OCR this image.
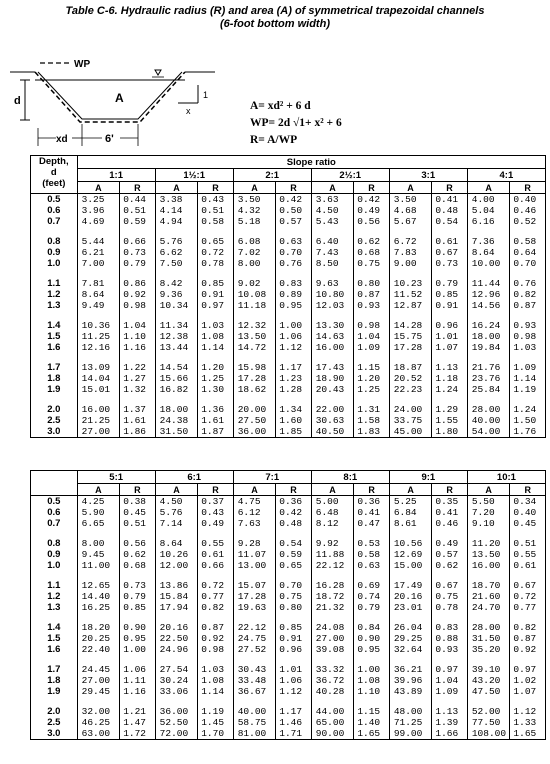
Table C-6. Hydraulic radius (R) and area (A) of symmetrical trapezoidal channels
(6-foot bottom width)
WP
d	A	1
x
xd	6'
A= xd² + 6 d
WP= 2d √1+ x² + 6
R= A/WP
Depth,
d
(feet)	Slope ratio											
	1:1		1½:1		2:1		2½:1		3:1		4:1	
	A	R	A	R	A	R	A	R	A	R	A	R
0.5	3.25	0.44	3.38	0.43	3.50	0.42	3.63	0.42	3.50	0.41	4.00	0.40
0.6	3.96	0.51	4.14	0.51	4.32	0.50	4.50	0.49	4.68	0.48	5.04	0.46
0.7	4.69	0.59	4.94	0.58	5.18	0.57	5.43	0.56	5.67	0.54	6.16	0.52

0.8	5.44	0.66	5.76	0.65	6.08	0.63	6.40	0.62	6.72	0.61	7.36	0.58
0.9	6.21	0.73	6.62	0.72	7.02	0.70	7.43	0.68	7.83	0.67	8.64	0.64
1.0	7.00	0.79	7.50	0.78	8.00	0.76	8.50	0.75	9.00	0.73	10.00	0.70

1.1	7.81	0.86	8.42	0.85	9.02	0.83	9.63	0.80	10.23	0.79	11.44	0.76
1.2	8.64	0.92	9.36	0.91	10.08	0.89	10.80	0.87	11.52	0.85	12.96	0.82
1.3	9.49	0.98	10.34	0.97	11.18	0.95	12.03	0.93	12.87	0.91	14.56	0.87

1.4	10.36	1.04	11.34	1.03	12.32	1.00	13.30	0.98	14.28	0.96	16.24	0.93
1.5	11.25	1.10	12.38	1.08	13.50	1.06	14.63	1.04	15.75	1.01	18.00	0.98
1.6	12.16	1.16	13.44	1.14	14.72	1.12	16.00	1.09	17.28	1.07	19.84	1.03

1.7	13.09	1.22	14.54	1.20	15.98	1.17	17.43	1.15	18.87	1.13	21.76	1.09
1.8	14.04	1.27	15.66	1.25	17.28	1.23	18.90	1.20	20.52	1.18	23.76	1.14
1.9	15.01	1.32	16.82	1.30	18.62	1.28	20.43	1.25	22.23	1.24	25.84	1.19

2.0	16.00	1.37	18.00	1.36	20.00	1.34	22.00	1.31	24.00	1.29	28.00	1.24
2.5	21.25	1.61	24.38	1.61	27.50	1.60	30.63	1.58	33.75	1.55	40.00	1.50
3.0	27.00	1.86	31.50	1.87	36.00	1.85	40.50	1.83	45.00	1.80	54.00	1.76
	5:1		6:1		7:1		8:1		9:1		10:1	
	A	R	A	R	A	R	A	R	A	R	A	R
0.5	4.25	0.38	4.50	0.37	4.75	0.36	5.00	0.36	5.25	0.35	5.50	0.34
0.6	5.90	0.45	5.76	0.43	6.12	0.42	6.48	0.41	6.84	0.41	7.20	0.40
0.7	6.65	0.51	7.14	0.49	7.63	0.48	8.12	0.47	8.61	0.46	9.10	0.45

0.8	8.00	0.56	8.64	0.55	9.28	0.54	9.92	0.53	10.56	0.49	11.20	0.51
0.9	9.45	0.62	10.26	0.61	11.07	0.59	11.88	0.58	12.69	0.57	13.50	0.55
1.0	11.00	0.68	12.00	0.66	13.00	0.65	22.12	0.63	15.00	0.62	16.00	0.61

1.1	12.65	0.73	13.86	0.72	15.07	0.70	16.28	0.69	17.49	0.67	18.70	0.67
1.2	14.40	0.79	15.84	0.77	17.28	0.75	18.72	0.74	20.16	0.75	21.60	0.72
1.3	16.25	0.85	17.94	0.82	19.63	0.80	21.32	0.79	23.01	0.78	24.70	0.77

1.4	18.20	0.90	20.16	0.87	22.12	0.85	24.08	0.84	26.04	0.83	28.00	0.82
1.5	20.25	0.95	22.50	0.92	24.75	0.91	27.00	0.90	29.25	0.88	31.50	0.87
1.6	22.40	1.00	24.96	0.98	27.52	0.96	39.08	0.95	32.64	0.93	35.20	0.92

1.7	24.45	1.06	27.54	1.03	30.43	1.01	33.32	1.00	36.21	0.97	39.10	0.97
1.8	27.00	1.11	30.24	1.08	33.48	1.06	36.72	1.08	39.96	1.04	43.20	1.02
1.9	29.45	1.16	33.06	1.14	36.67	1.12	40.28	1.10	43.89	1.09	47.50	1.07

2.0	32.00	1.21	36.00	1.19	40.00	1.17	44.00	1.15	48.00	1.13	52.00	1.12
2.5	46.25	1.47	52.50	1.45	58.75	1.46	65.00	1.40	71.25	1.39	77.50	1.33
3.0	63.00	1.72	72.00	1.70	81.00	1.71	90.00	1.65	99.00	1.66	108.00	1.65
